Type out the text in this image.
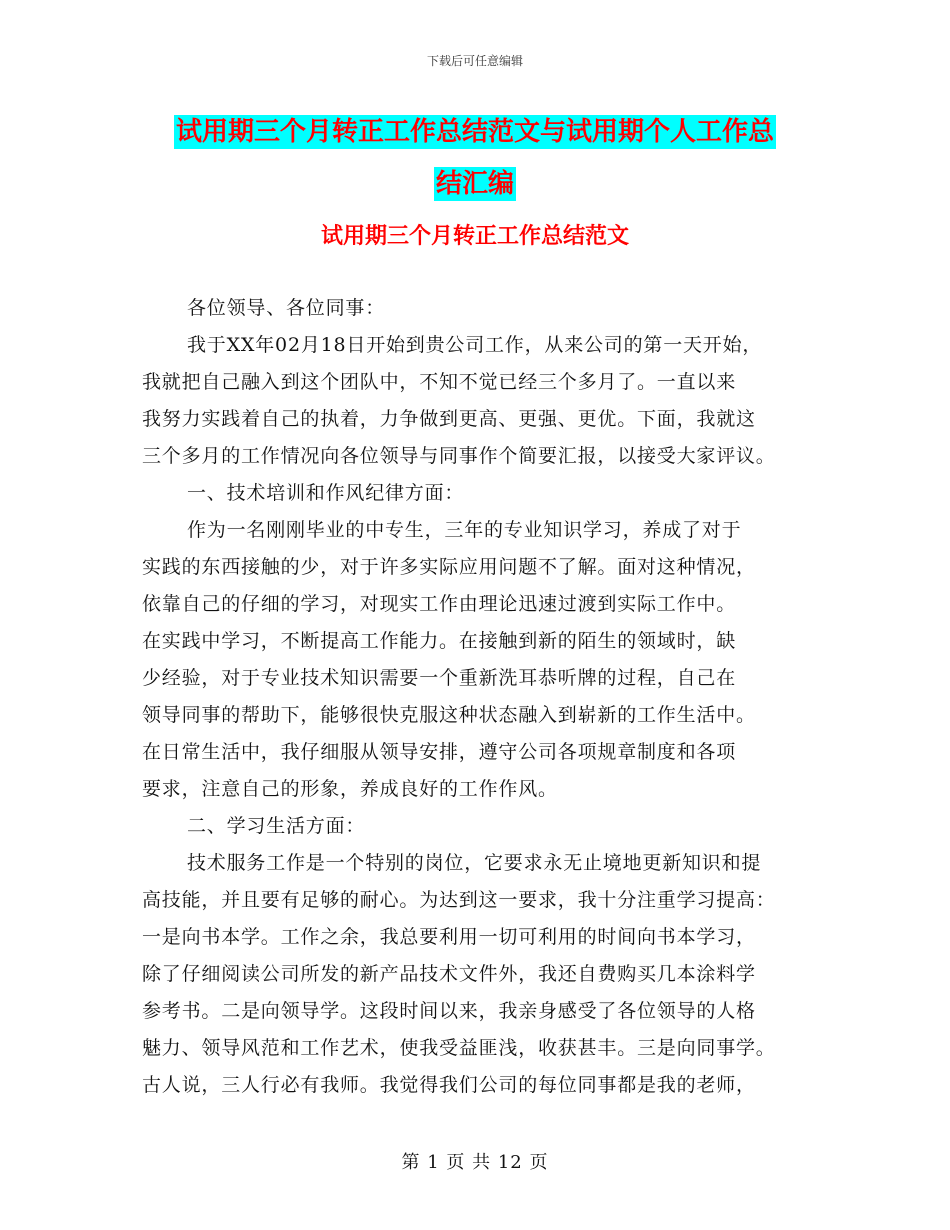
下载后可任意编辑
试用期三个月转正工作总结范文与试用期个人工作总
结汇编
试用期三个月转正工作总结范文
各位领导、各位同事：
我于XX年02月18日开始到贵公司工作，从来公司的第一天开始，
我就把自己融入到这个团队中，不知不觉已经三个多月了。一直以来
我努力实践着自己的执着，力争做到更高、更强、更优。下面，我就这
三个多月的工作情况向各位领导与同事作个简要汇报，以接受大家评议。
一、技术培训和作风纪律方面：
作为一名刚刚毕业的中专生，三年的专业知识学习，养成了对于
实践的东西接触的少，对于许多实际应用问题不了解。面对这种情况，
依靠自己的仔细的学习，对现实工作由理论迅速过渡到实际工作中。
在实践中学习，不断提高工作能力。在接触到新的陌生的领域时，缺
少经验，对于专业技术知识需要一个重新洗耳恭听牌的过程，自己在
领导同事的帮助下，能够很快克服这种状态融入到崭新的工作生活中。
在日常生活中，我仔细服从领导安排，遵守公司各项规章制度和各项
要求，注意自己的形象，养成良好的工作作风。
二、学习生活方面：
技术服务工作是一个特别的岗位，它要求永无止境地更新知识和提
高技能，并且要有足够的耐心。为达到这一要求，我十分注重学习提高：
一是向书本学。工作之余，我总要利用一切可利用的时间向书本学习，
除了仔细阅读公司所发的新产品技术文件外，我还自费购买几本涂料学
参考书。二是向领导学。这段时间以来，我亲身感受了各位领导的人格
魅力、领导风范和工作艺术，使我受益匪浅，收获甚丰。三是向同事学。
古人说，三人行必有我师。我觉得我们公司的每位同事都是我的老师，
第 1 页 共 12 页
